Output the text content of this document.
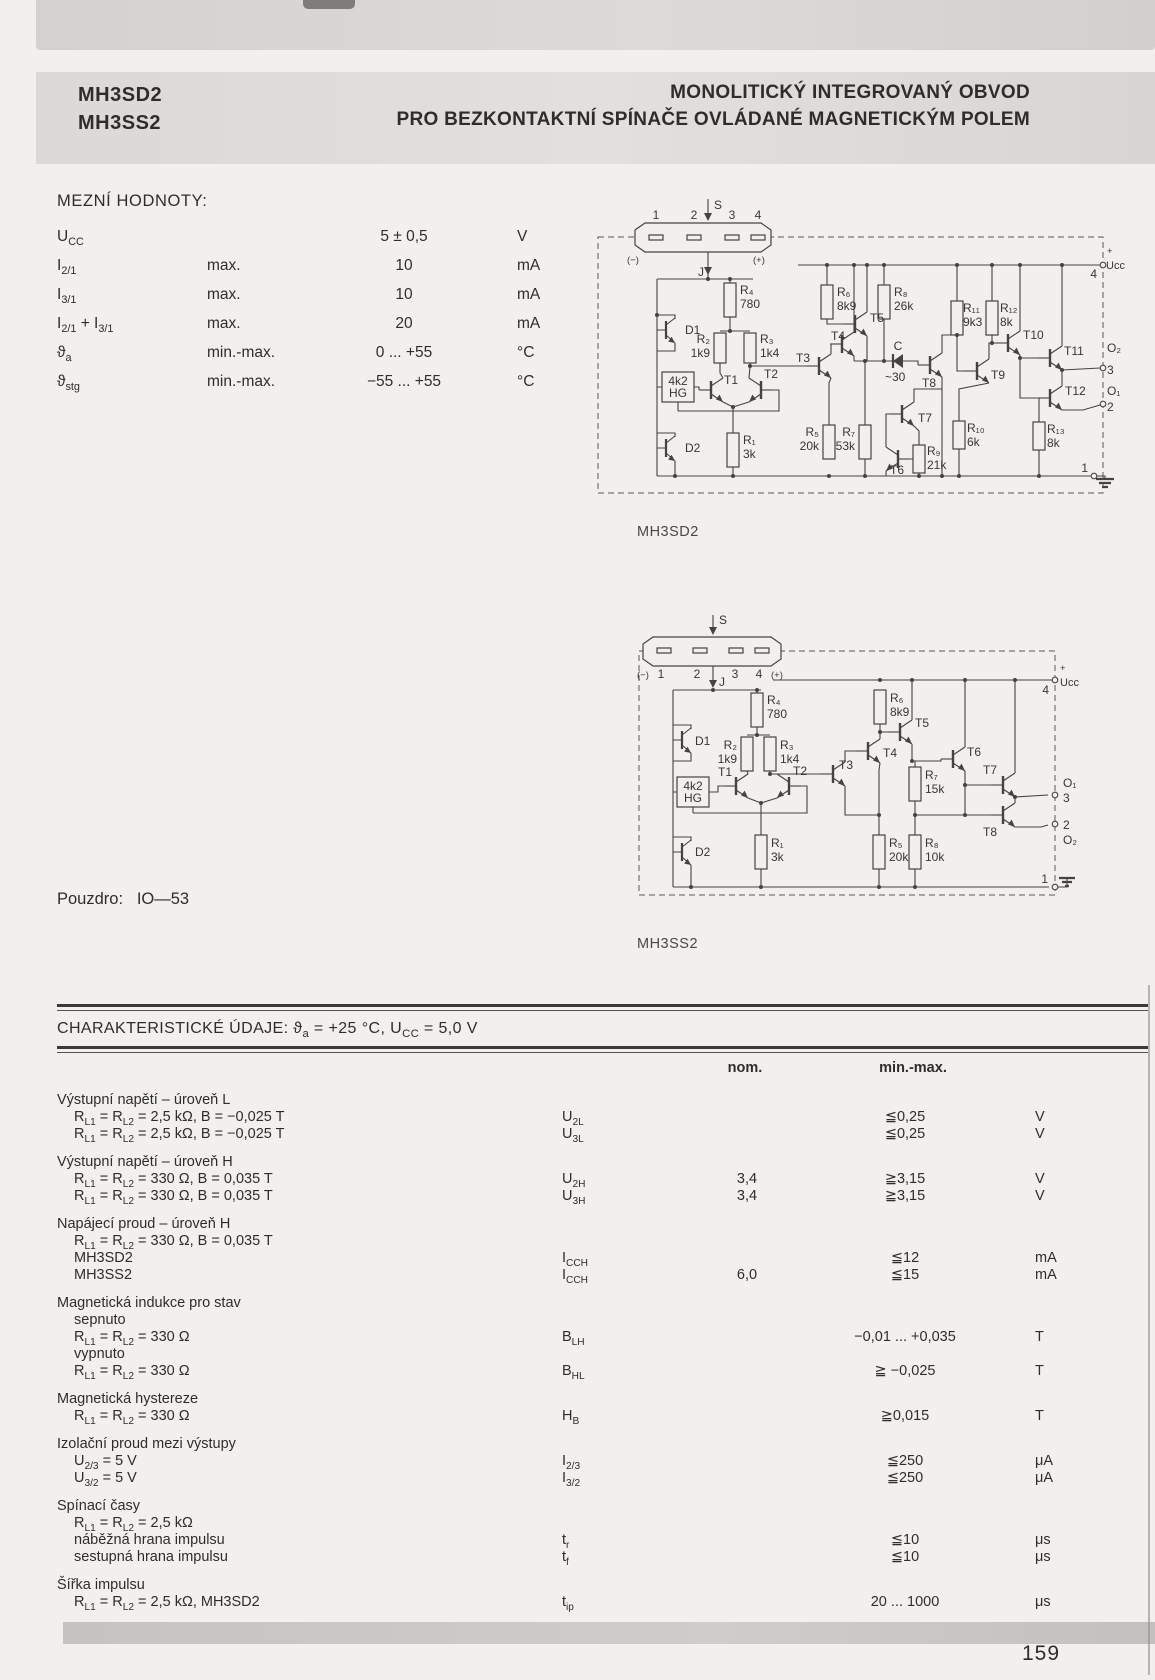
MH3SD2
MH3SS2
MONOLITICKÝ INTEGROVANÝ OBVOD
PRO BEZKONTAKTNÍ SPÍNAČE OVLÁDANÉ MAGNETICKÝM POLEM
MEZNÍ HODNOTY:
$U_{CC}$	5 ± 0,5	V
$I_{2/1}$	max.	10	mA
$I_{3/1}$	max.	10	mA
$I_{2/1} + I_{3/1}$	max.	20	mA
$ϑ_a$	min.-max.	0 ... +55	°C
$ϑ_{stg}$	min.-max.	−55 ... +55	°C
1	2	3 4
S
J
(−)	(+)
D1
D2
4k2
HG
R₄
780
R₂
1k9
R₃
1k4
R₁
3k
T1 T2
T3
T4
T5
T6
T7
T8
T9
T10
T11
T12
R₆
8k9
R₈
26k
C
~30
R₅
20k
R₇
53k	R₉
21k
R₁₀
6k
R₁₁
9k3
R₁₂
8k
R₁₃
8k
+
Ucc
4
O₂
3
O₁
2
1
MH3SD2
S
J
(−) 1 2	3 4 (+)
D1
D2
4k2
HG
R₄
780
R₂
1k9
R₃
1k4
R₁
3k
T1	T2	T3
T4
T5
T6
T7
T8
R₆
8k9
R₇
15k
R₅
20k
R₈
10k
+
Ucc
4
O₁
3
2
O₂
1
MH3SS2
Pouzdro: IO—53
CHARAKTERISTICKÉ ÚDAJE: $ϑ_a = +25$ °C, $U_{CC} = 5,0$ V
nom.	min.-max.
Výstupní napětí – úroveň L
$R_{L1} = R_{L2} = 2,5$ kΩ, B = −0,025 T	$U_{2L}$	≦0,25	V
$R_{L1} = R_{L2} = 2,5$ kΩ, B = −0,025 T	$U_{3L}$	≦0,25	V
Výstupní napětí – úroveň H
$R_{L1} = R_{L2} = 330$ Ω, B = 0,035 T	$U_{2H}$	3,4	≧3,15	V
$R_{L1} = R_{L2} = 330$ Ω, B = 0,035 T	$U_{3H}$	3,4	≧3,15	V
Napájecí proud – úroveň H
$R_{L1} = R_{L2} = 330$ Ω, B = 0,035 T
MH3SD2	$I_{CCH}$	≦12	mA
MH3SS2	$I_{CCH}$	6,0	≦15	mA
Magnetická indukce pro stav
sepnuto
$R_{L1} = R_{L2} = 330$ Ω	$B_{LH}$	−0,01 ... +0,035	T
vypnuto
$R_{L1} = R_{L2} = 330$ Ω	$B_{HL}$	≧ −0,025	T
Magnetická hystereze
$R_{L1} = R_{L2} = 330$ Ω	$H_B$	≧0,015	T
Izolační proud mezi výstupy
$U_{2/3} = 5$ V	$I_{2/3}$	≦250	μA
$U_{3/2} = 5$ V	$I_{3/2}$	≦250	μA
Spínací časy
$R_{L1} = R_{L2} = 2,5$ kΩ
náběžná hrana impulsu	$t_r$	≦10	μs
sestupná hrana impulsu	$t_f$	≦10	μs
Šířka impulsu
$R_{L1} = R_{L2} = 2,5$ kΩ, MH3SD2	$t_{ip}$	20 ... 1000	μs
159
